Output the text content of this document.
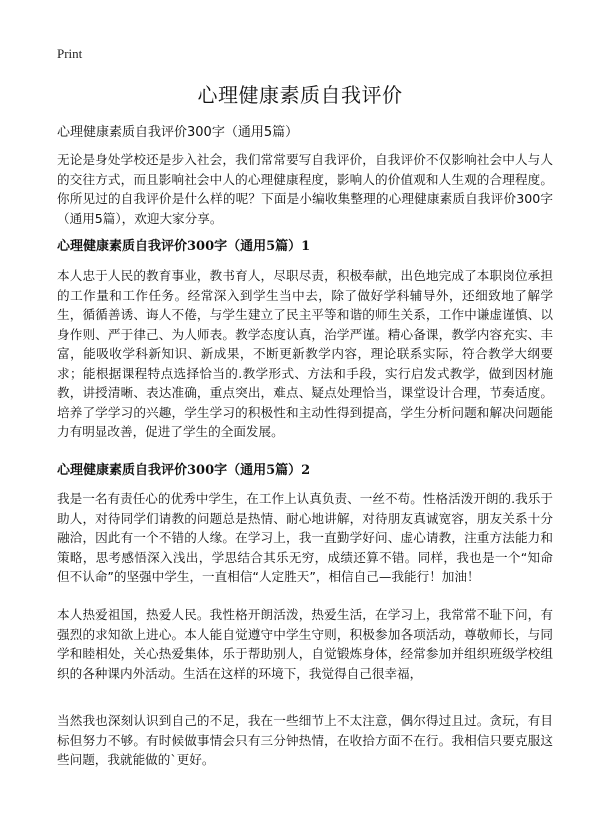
Print
心理健康素质自我评价

心理健康素质自我评价300字（通用5篇）

无论是身处学校还是步入社会，我们常常要写自我评价，自我评价不仅影响社会中人与人的交往方式，而且影响社会中人的心理健康程度，影响人的价值观和人生观的合理程度。你所见过的自我评价是什么样的呢？下面是小编收集整理的心理健康素质自我评价300字（通用5篇），欢迎大家分享。

心理健康素质自我评价300字（通用5篇）1

本人忠于人民的教育事业，教书育人，尽职尽责，积极奉献，出色地完成了本职岗位承担的工作量和工作任务。经常深入到学生当中去，除了做好学科辅导外，还细致地了解学生，循循善诱、诲人不倦，与学生建立了民主平等和谐的师生关系，工作中谦虚谨慎、以身作则、严于律己、为人师表。教学态度认真，治学严谨。精心备课，教学内容充实、丰富，能吸收学科新知识、新成果，不断更新教学内容，理论联系实际，符合教学大纲要求；能根据课程特点选择恰当的.教学形式、方法和手段，实行启发式教学，做到因材施教，讲授清晰、表达准确，重点突出，难点、疑点处理恰当，课堂设计合理，节奏适度。培养了学学习的兴趣，学生学习的积极性和主动性得到提高，学生分析问题和解决问题能力有明显改善，促进了学生的全面发展。

心理健康素质自我评价300字（通用5篇）2

我是一名有责任心的优秀中学生，在工作上认真负责、一丝不苟。性格活泼开朗的.我乐于助人，对待同学们请教的问题总是热情、耐心地讲解，对待朋友真诚宽容，朋友关系十分融洽，因此有一个不错的人缘。在学习上，我一直勤学好问、虚心请教，注重方法能力和策略，思考感悟深入浅出，学思结合其乐无穷，成绩还算不错。同样，我也是一个“知命但不认命”的坚强中学生，一直相信“人定胜天”，相信自己—我能行！加油！

本人热爱祖国，热爱人民。我性格开朗活泼，热爱生活，在学习上，我常常不耻下问，有强烈的求知欲上进心。本人能自觉遵守中学生守则，积极参加各项活动，尊敬师长，与同学和睦相处，关心热爱集体，乐于帮助别人，自觉锻炼身体，经常参加并组织班级学校组织的各种课内外活动。生活在这样的环境下，我觉得自己很幸福，

当然我也深刻认识到自己的不足，我在一些细节上不太注意，偶尔得过且过。贪玩，有目标但努力不够。有时候做事情会只有三分钟热情，在收拾方面不在行。我相信只要克服这些问题，我就能做的`更好。
